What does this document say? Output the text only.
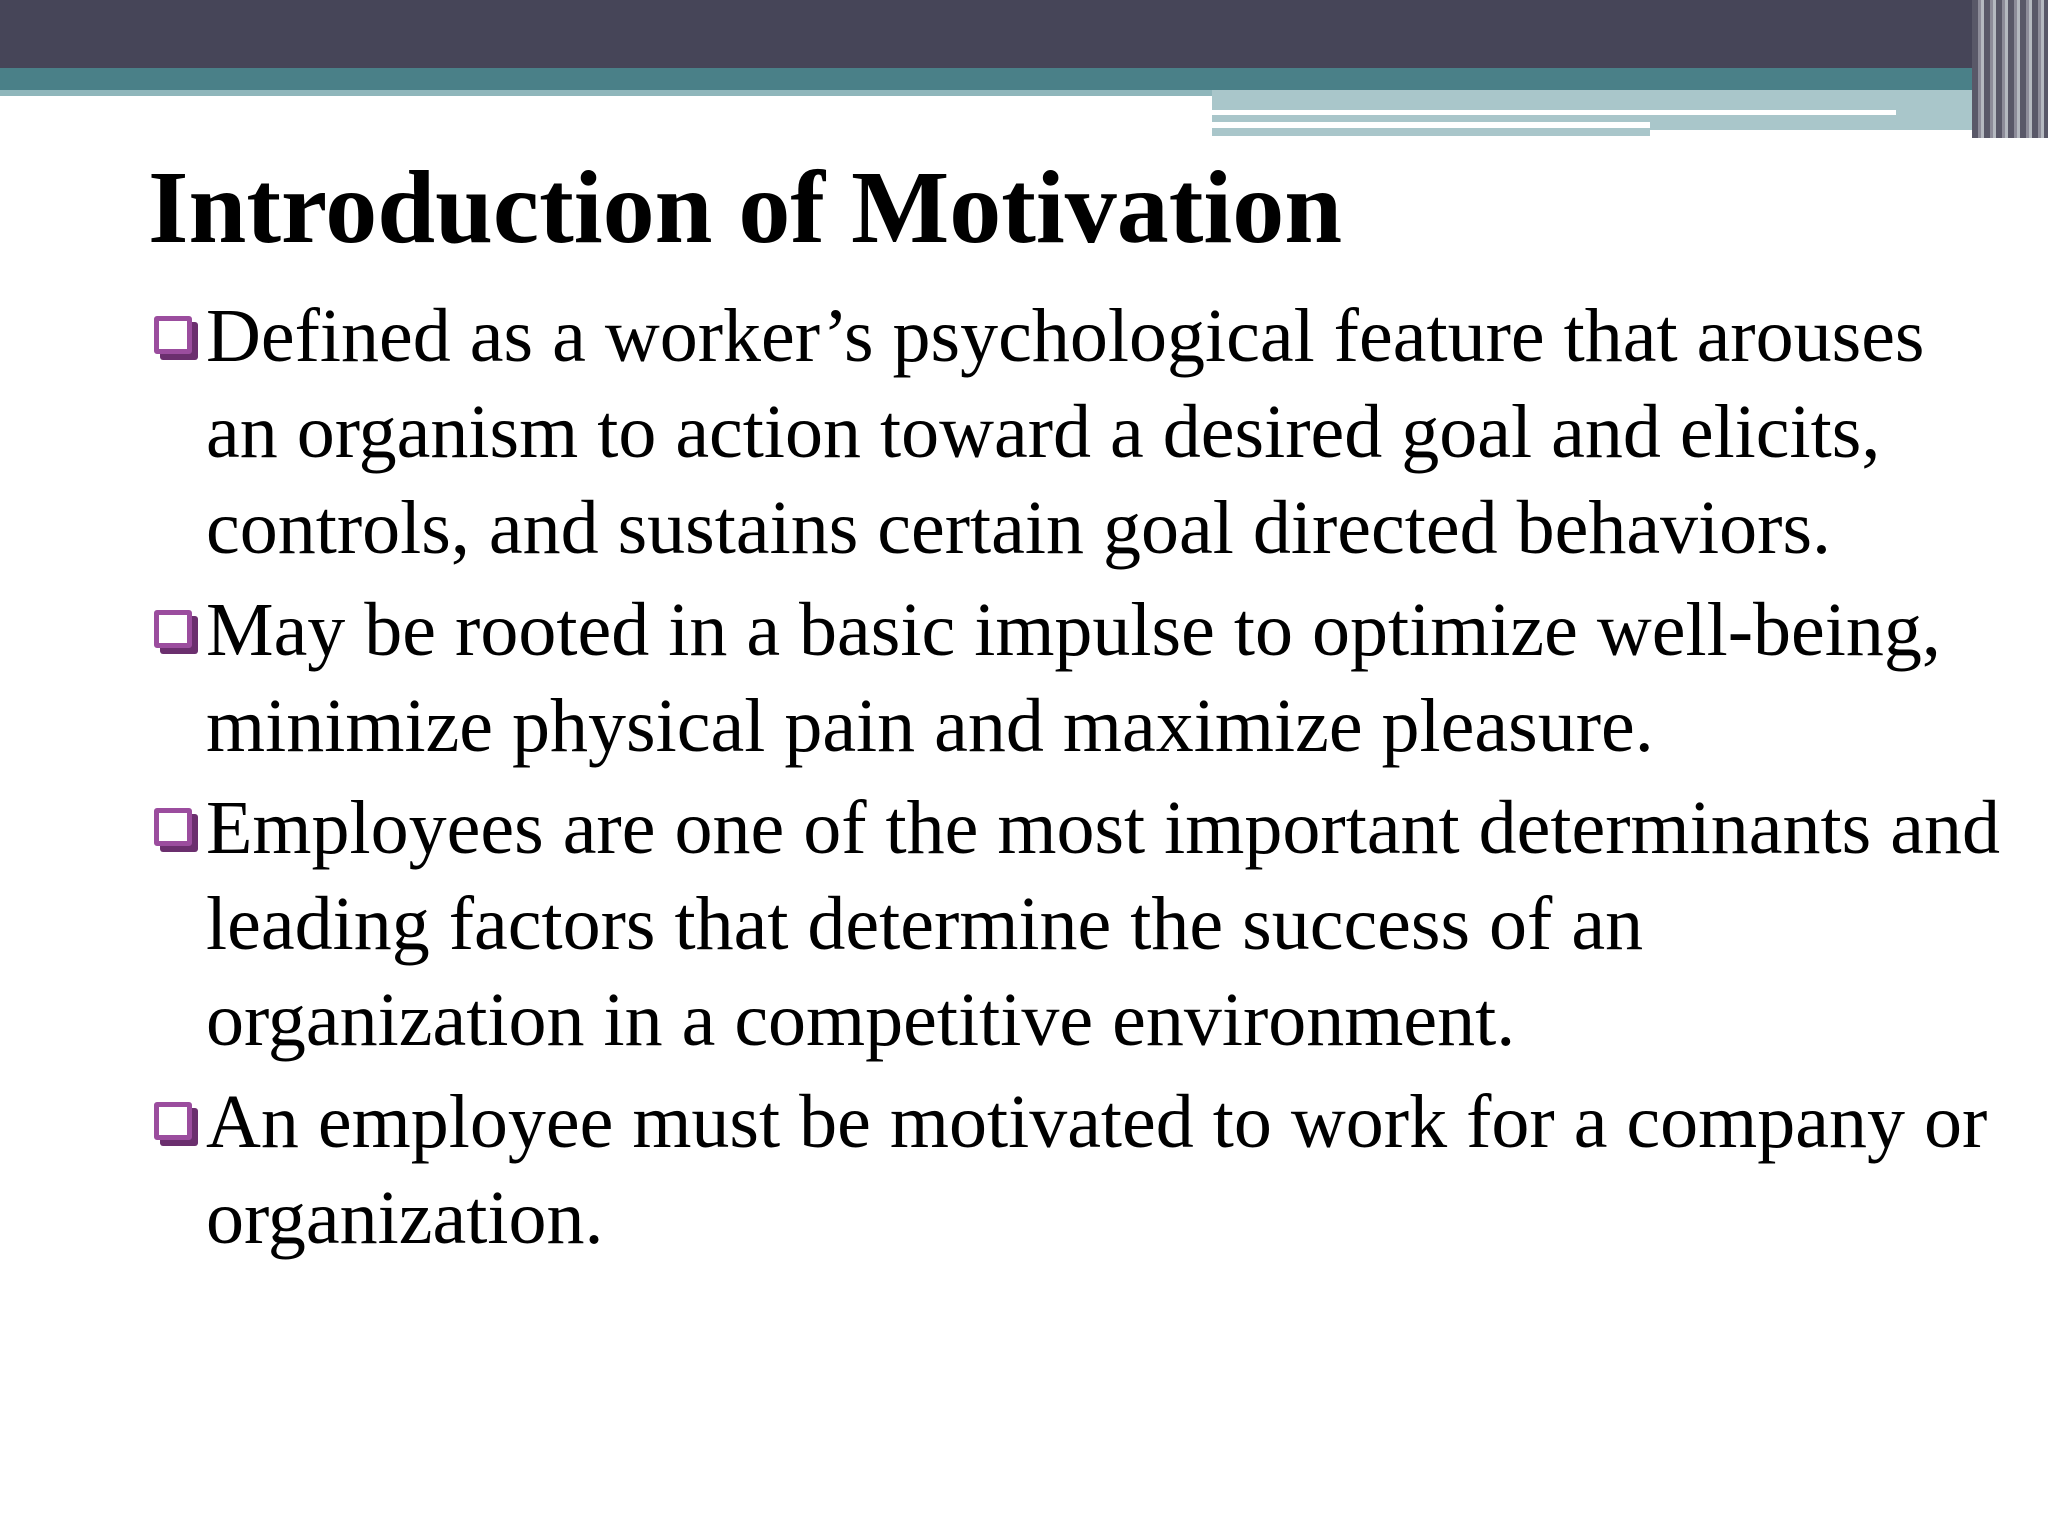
Introduction of Motivation
Defined as a worker’s psychological feature that arouses an organism to action toward a desired goal and elicits, controls, and sustains certain goal directed behaviors.
May be rooted in a basic impulse to optimize well-being, minimize physical pain and maximize pleasure.
Employees are one of the most important determinants and leading factors that determine the success of an organization in a competitive environment.
An employee must be motivated to work for a company or organization.
